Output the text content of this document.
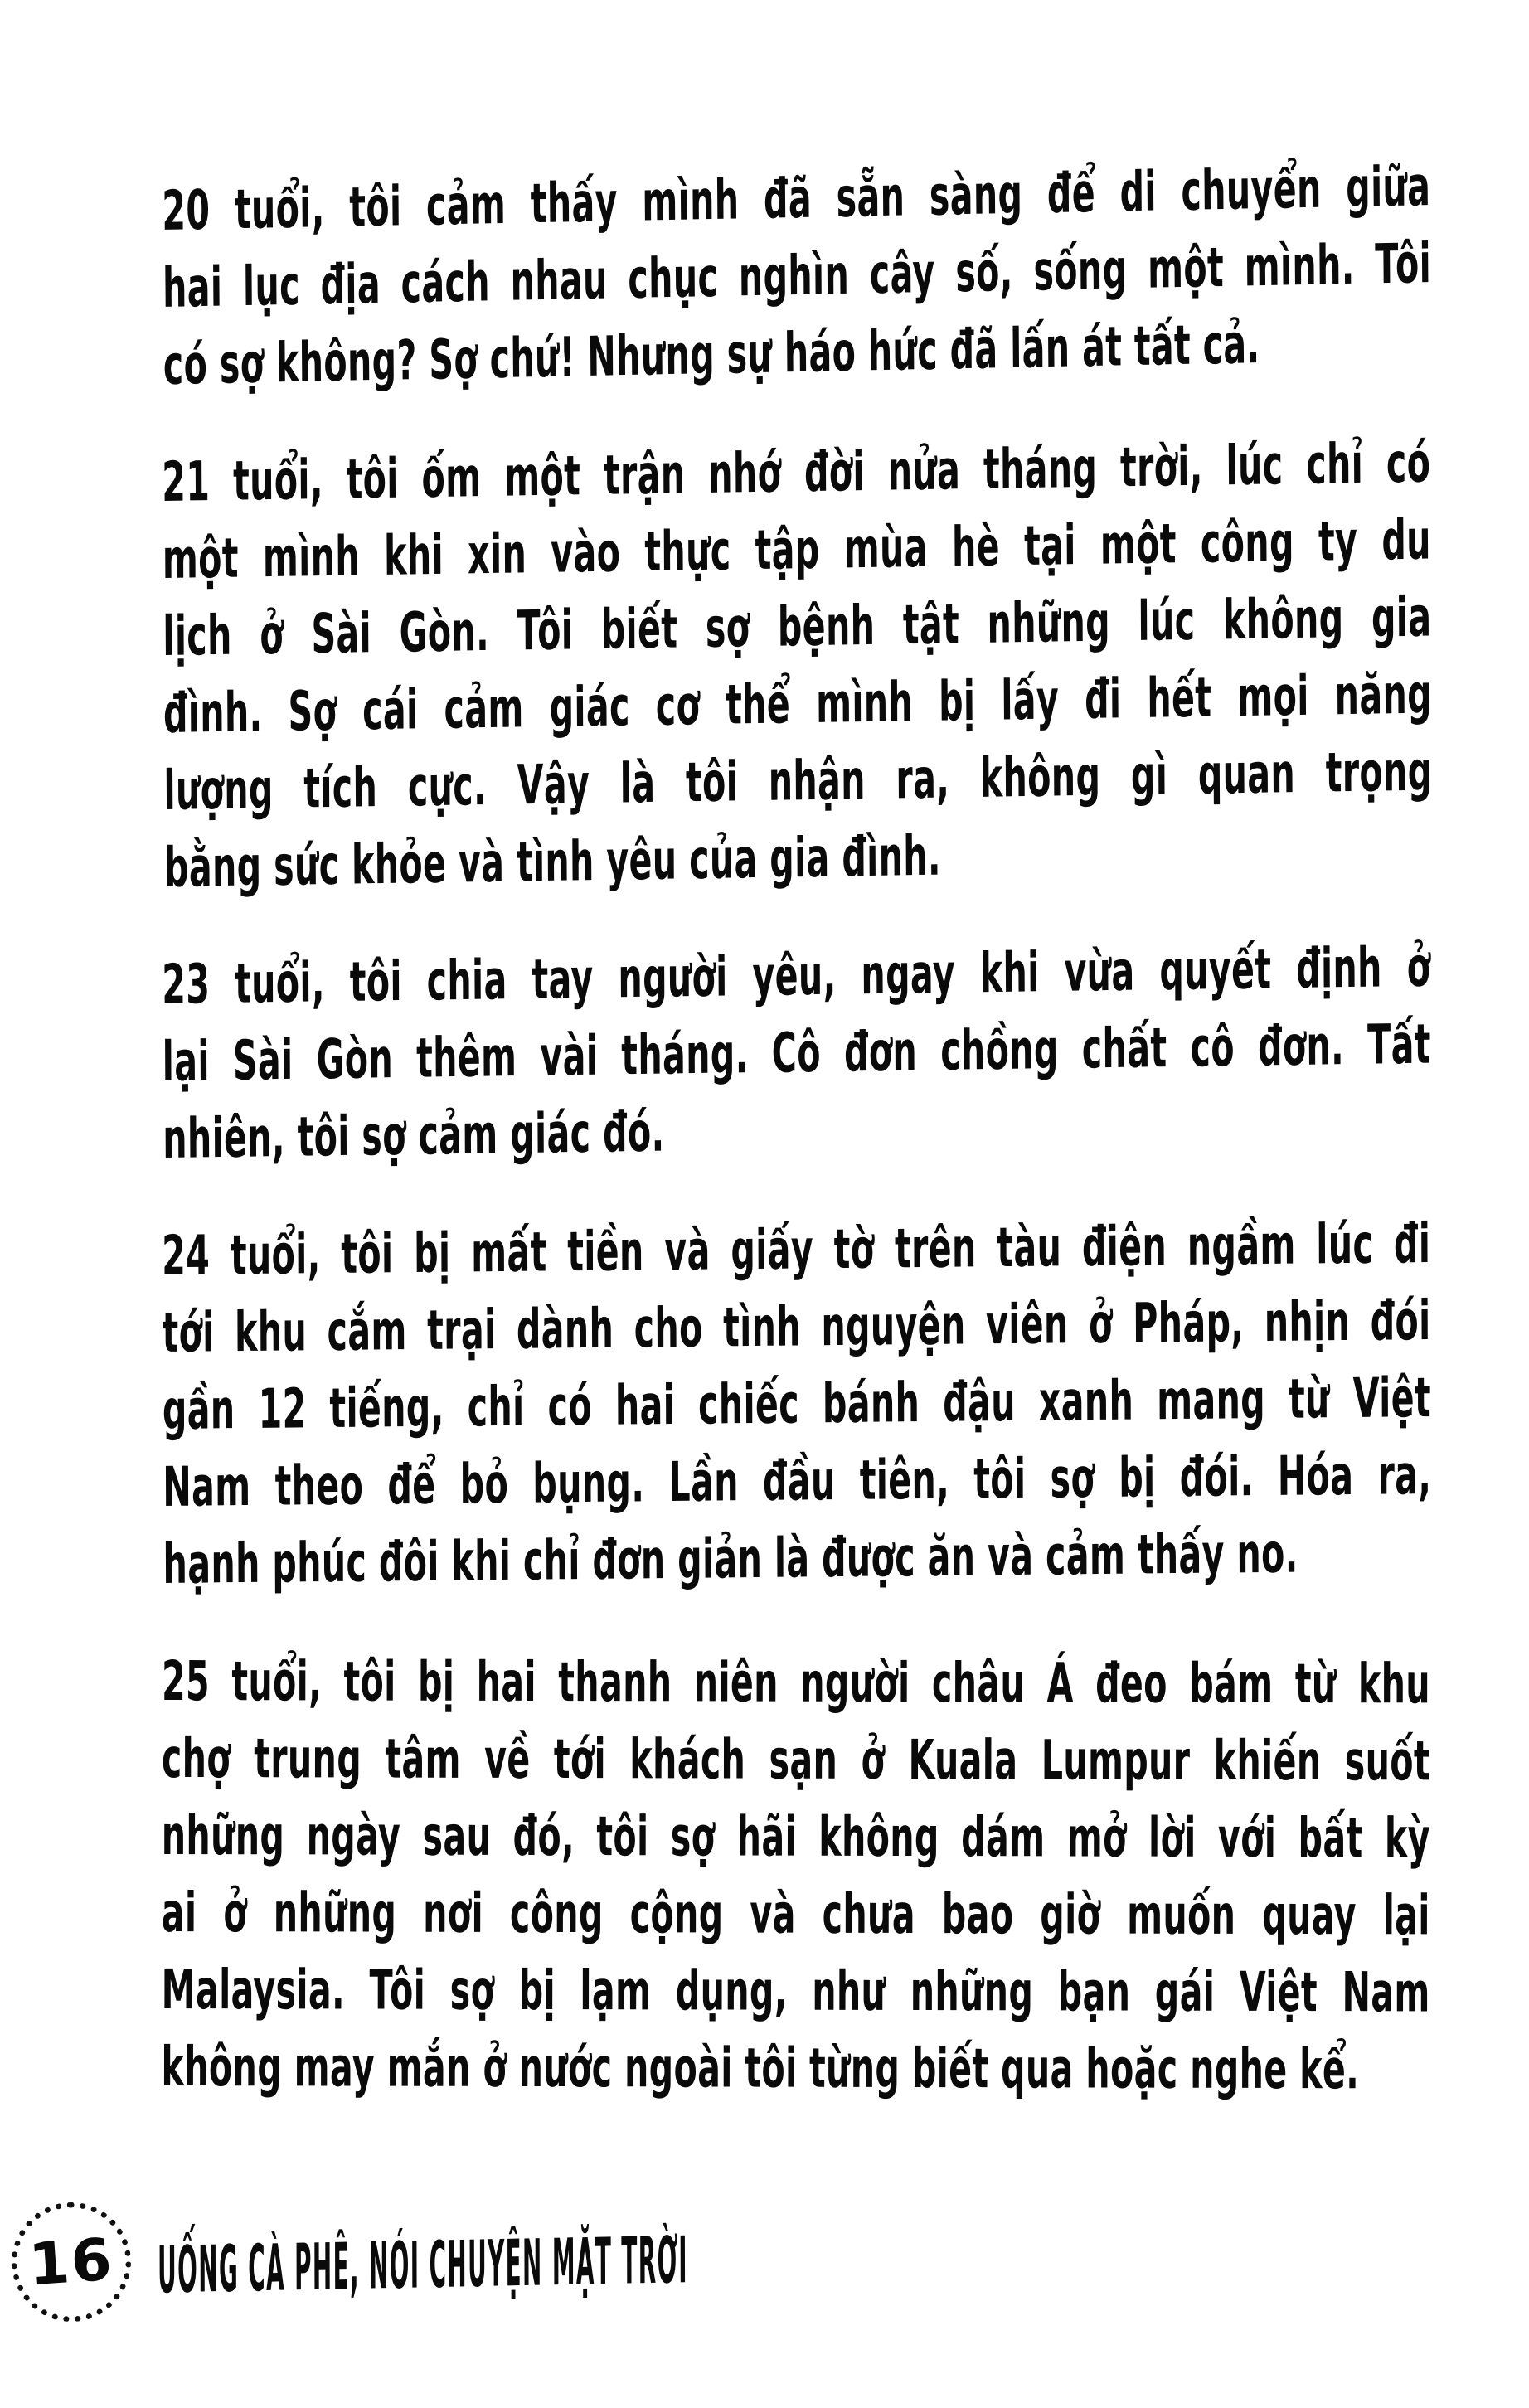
20 tuổi, tôi cảm thấy mình đã sẵn sàng để di chuyển giữa
hai lục địa cách nhau chục nghìn cây số, sống một mình. Tôi
có sợ không? Sợ chứ! Nhưng sự háo hức đã lấn át tất cả.
21 tuổi, tôi ốm một trận nhớ đời nửa tháng trời, lúc chỉ có
một mình khi xin vào thực tập mùa hè tại một công ty du
lịch ở Sài Gòn. Tôi biết sợ bệnh tật những lúc không gia
đình. Sợ cái cảm giác cơ thể mình bị lấy đi hết mọi năng
lượng tích cực. Vậy là tôi nhận ra, không gì quan trọng
bằng sức khỏe và tình yêu của gia đình.
23 tuổi, tôi chia tay người yêu, ngay khi vừa quyết định ở
lại Sài Gòn thêm vài tháng. Cô đơn chồng chất cô đơn. Tất
nhiên, tôi sợ cảm giác đó.
24 tuổi, tôi bị mất tiền và giấy tờ trên tàu điện ngầm lúc đi
tới khu cắm trại dành cho tình nguyện viên ở Pháp, nhịn đói
gần 12 tiếng, chỉ có hai chiếc bánh đậu xanh mang từ Việt
Nam theo để bỏ bụng. Lần đầu tiên, tôi sợ bị đói. Hóa ra,
hạnh phúc đôi khi chỉ đơn giản là được ăn và cảm thấy no.
25 tuổi, tôi bị hai thanh niên người châu Á đeo bám từ khu
chợ trung tâm về tới khách sạn ở Kuala Lumpur khiến suốt
những ngày sau đó, tôi sợ hãi không dám mở lời với bất kỳ
ai ở những nơi công cộng và chưa bao giờ muốn quay lại
Malaysia. Tôi sợ bị lạm dụng, như những bạn gái Việt Nam
không may mắn ở nước ngoài tôi từng biết qua hoặc nghe kể.
16 UỐNG CÀ PHÊ, NÓI CHUYỆN MẶT TRỜI
